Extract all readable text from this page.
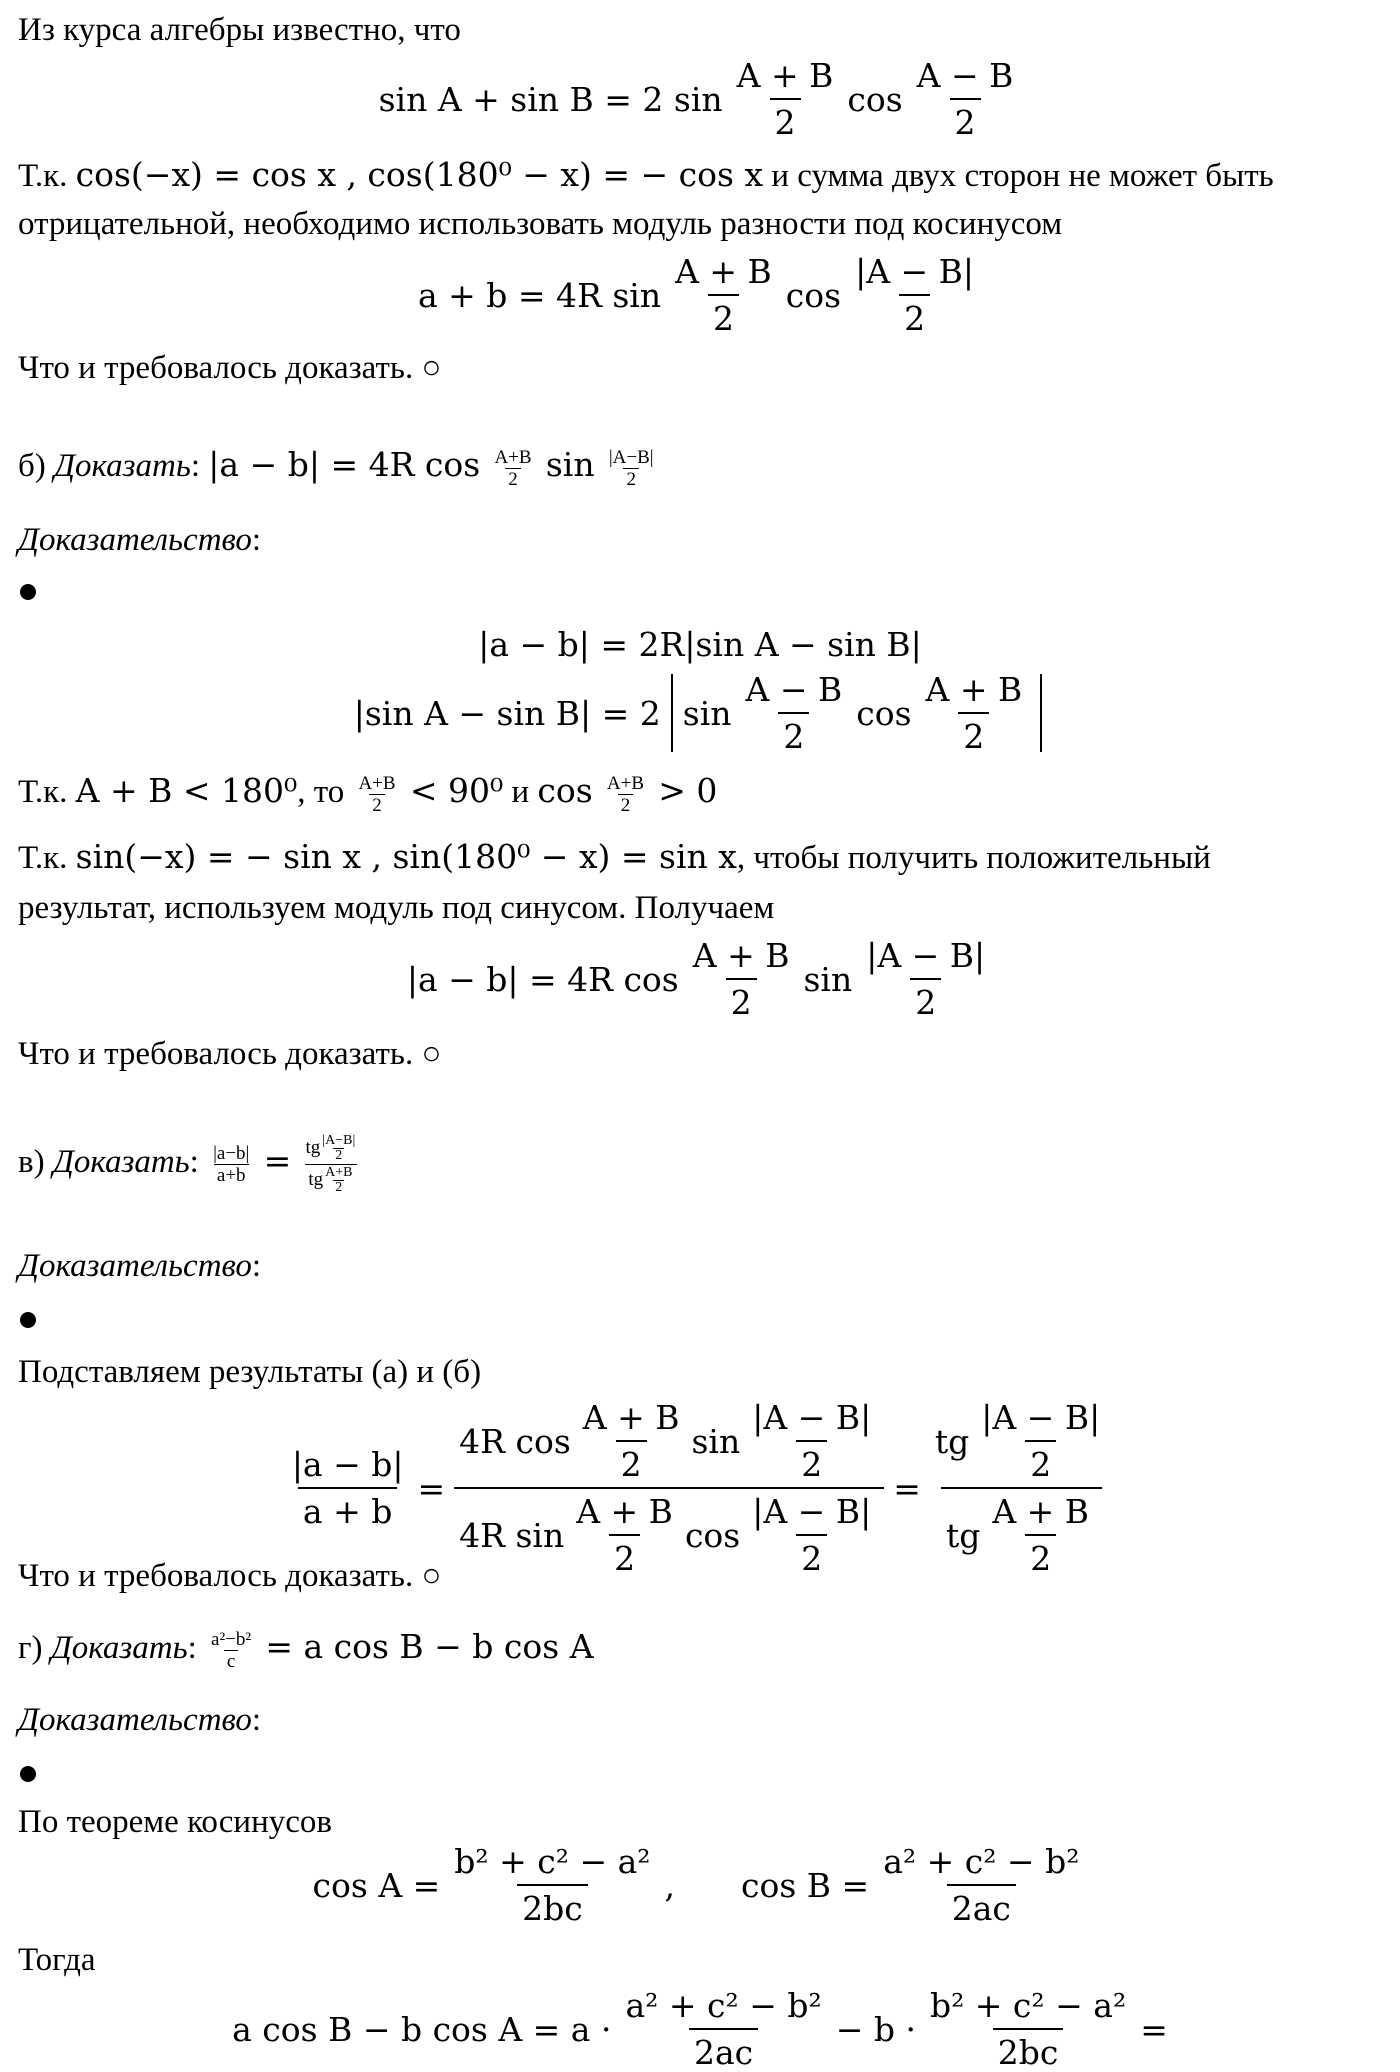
Из курса алгебры известно, что
sin A + sin B = 2 $\sin \frac{A + B}{2}$ $\cos \frac{A - B}{2}$
Т.к. cos(−x) = cos x , cos(180⁰ − x) = − cos x и сумма двух сторон не может быть
отрицательной, необходимо использовать модуль разности под косинусом
a + b = 4R $\sin \frac{A + B}{2}$ $\cos \frac{|A - B|}{2}$
Что и требовалось доказать. ○
б) Доказать: |a − b| = 4R $\cos \frac{A+B}{2}$ $\sin \frac{|A-B|}{2}$
Доказательство:
|a − b| = 2R|sin A − sin B|
|sin A − sin B| = 2 $\sin \frac{A - B}{2}$ $\cos \frac{A + B}{2}$
Т.к. A + B < 180⁰, то $\frac{A+B}{2} < 90^0$ и $\cos \frac{A+B}{2} > 0$
Т.к. sin(−x) = − sin x , sin(180⁰ − x) = sin x, чтобы получить положительный
результат, используем модуль под синусом. Получаем
|a − b| = 4R $\cos \frac{A + B}{2}$ $\sin \frac{|A - B|}{2}$
Что и требовалось доказать. ○
в) Доказать: $\frac{|a-b|}{a+b} = \frac{tg \frac{|A-B|}{2}}{tg \frac{A+B}{2}}$
Доказательство:
Подставляем результаты (а) и (б)
$\frac{|a - b|}{a + b} = \frac{4R \cos \frac{A + B}{2} \sin \frac{|A - B|}{2}}{4R \sin \frac{A + B}{2} \cos \frac{|A - B|}{2}} = \frac{tg \frac{|A - B|}{2}}{tg \frac{A + B}{2}}$
Что и требовалось доказать. ○
г) Доказать: $\frac{\text{a²−b²}}{c} = a$ cos B − b cos A
Доказательство:
По теореме косинусов
$\cos A = \frac{\text{b² + c² − a²}}{2bc}$ , $\cos B = \frac{\text{a² + c² − b²}}{2ac}$
Тогда
a cos B − b $\cos A = a \cdot \frac{\text{a² + c² − b²}}{2ac} - b \cdot \frac{\text{b² + c² − a²}}{2bc}$ =
